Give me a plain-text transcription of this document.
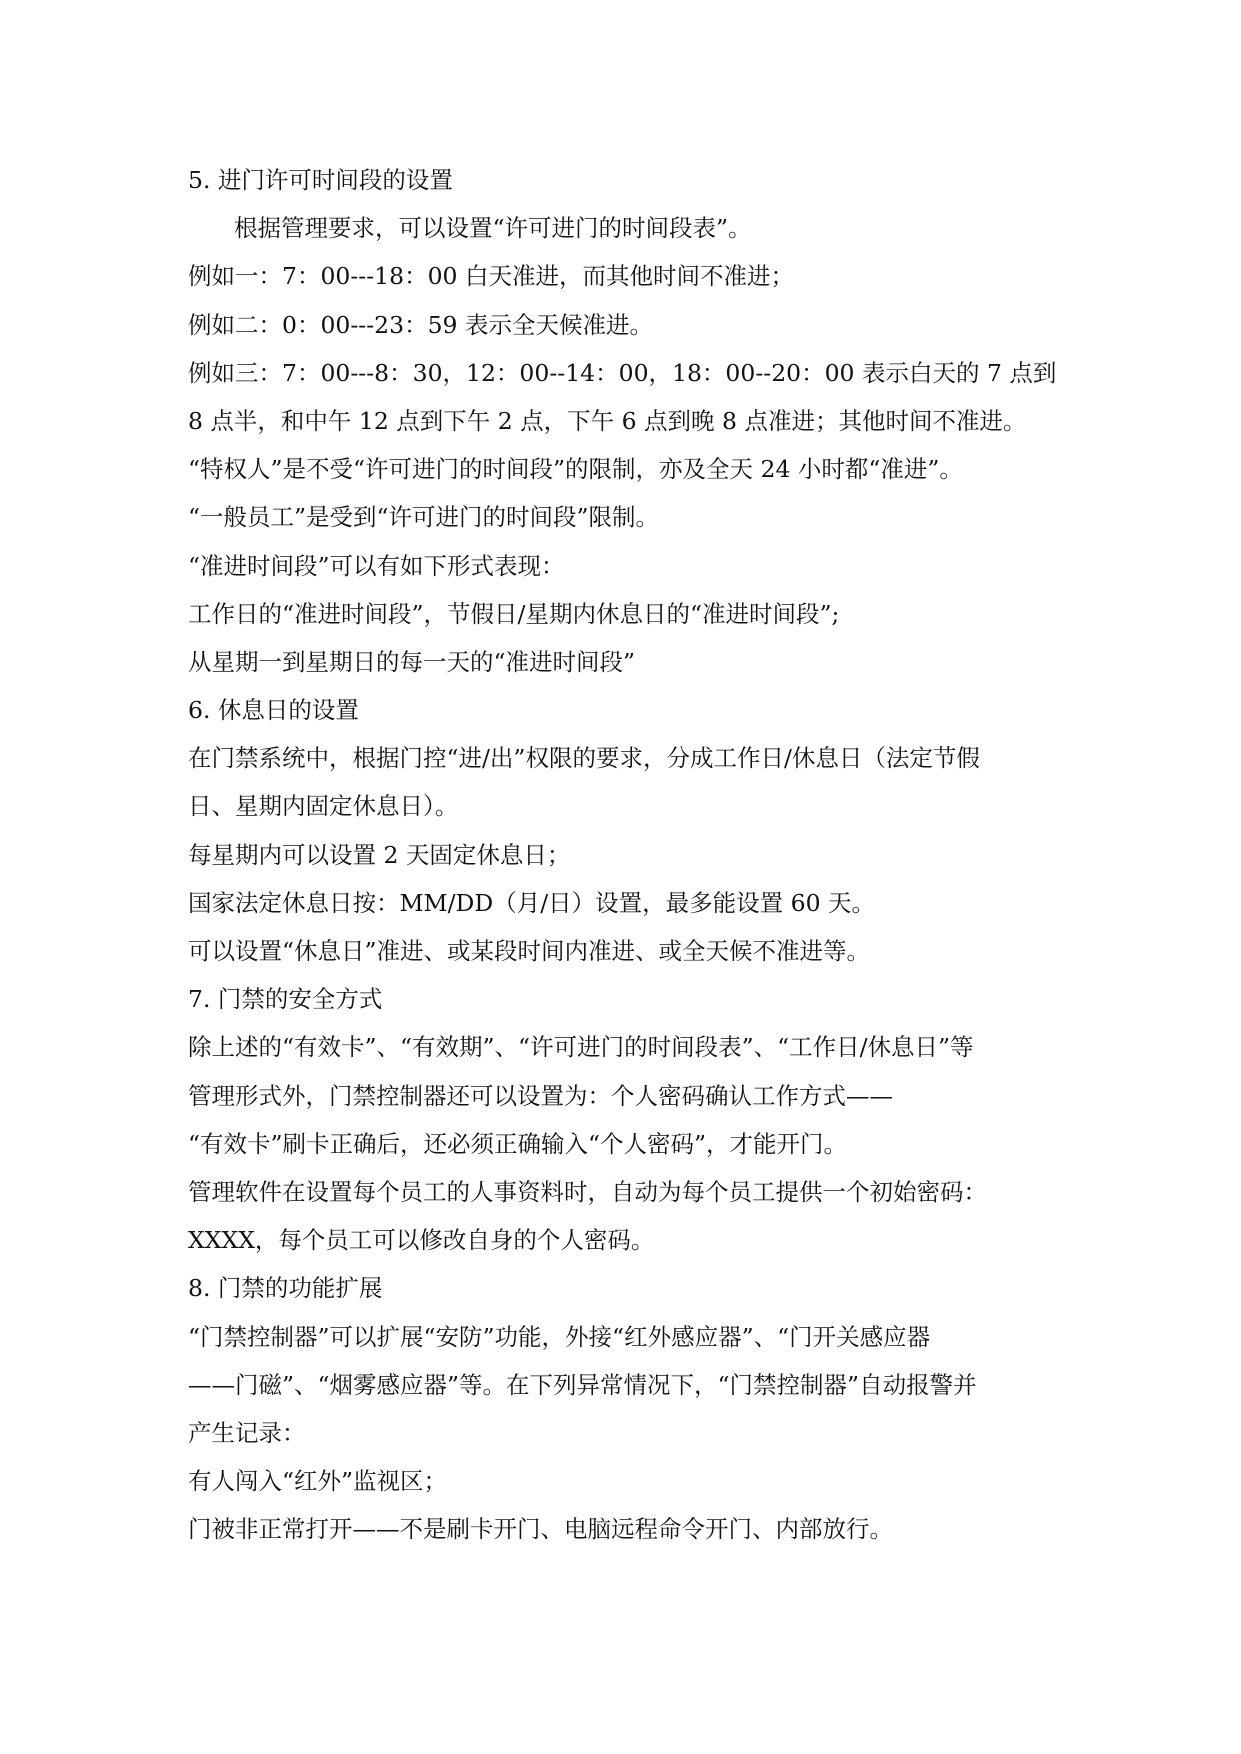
5. 进门许可时间段的设置
根据管理要求，可以设置“许可进门的时间段表”。
例如一：7：00---18：00 白天准进，而其他时间不准进；
例如二：0：00---23：59 表示全天候准进。
例如三：7：00---8：30，12：00--14：00，18：00--20：00 表示白天的 7 点到
8 点半，和中午 12 点到下午 2 点，下午 6 点到晚 8 点准进；其他时间不准进。
“特权人”是不受“许可进门的时间段”的限制，亦及全天 24 小时都“准进”。
“一般员工”是受到“许可进门的时间段”限制。
“准进时间段”可以有如下形式表现：
工作日的“准进时间段”，节假日/星期内休息日的“准进时间段”;
从星期一到星期日的每一天的“准进时间段”
6. 休息日的设置
在门禁系统中，根据门控“进/出”权限的要求，分成工作日/休息日（法定节假
日、星期内固定休息日）。
每星期内可以设置 2 天固定休息日；
国家法定休息日按：MM/DD（月/日）设置，最多能设置 60 天。
可以设置“休息日”准进、或某段时间内准进、或全天候不准进等。
7. 门禁的安全方式
除上述的“有效卡”、“有效期”、“许可进门的时间段表”、“工作日/休息日”等
管理形式外，门禁控制器还可以设置为：个人密码确认工作方式——
“有效卡”刷卡正确后，还必须正确输入“个人密码”，才能开门。
管理软件在设置每个员工的人事资料时，自动为每个员工提供一个初始密码：
XXXX，每个员工可以修改自身的个人密码。
8. 门禁的功能扩展
“门禁控制器”可以扩展“安防”功能，外接“红外感应器”、“门开关感应器
——门磁”、“烟雾感应器”等。在下列异常情况下，“门禁控制器”自动报警并
产生记录：
有人闯入“红外”监视区；
门被非正常打开——不是刷卡开门、电脑远程命令开门、内部放行。
